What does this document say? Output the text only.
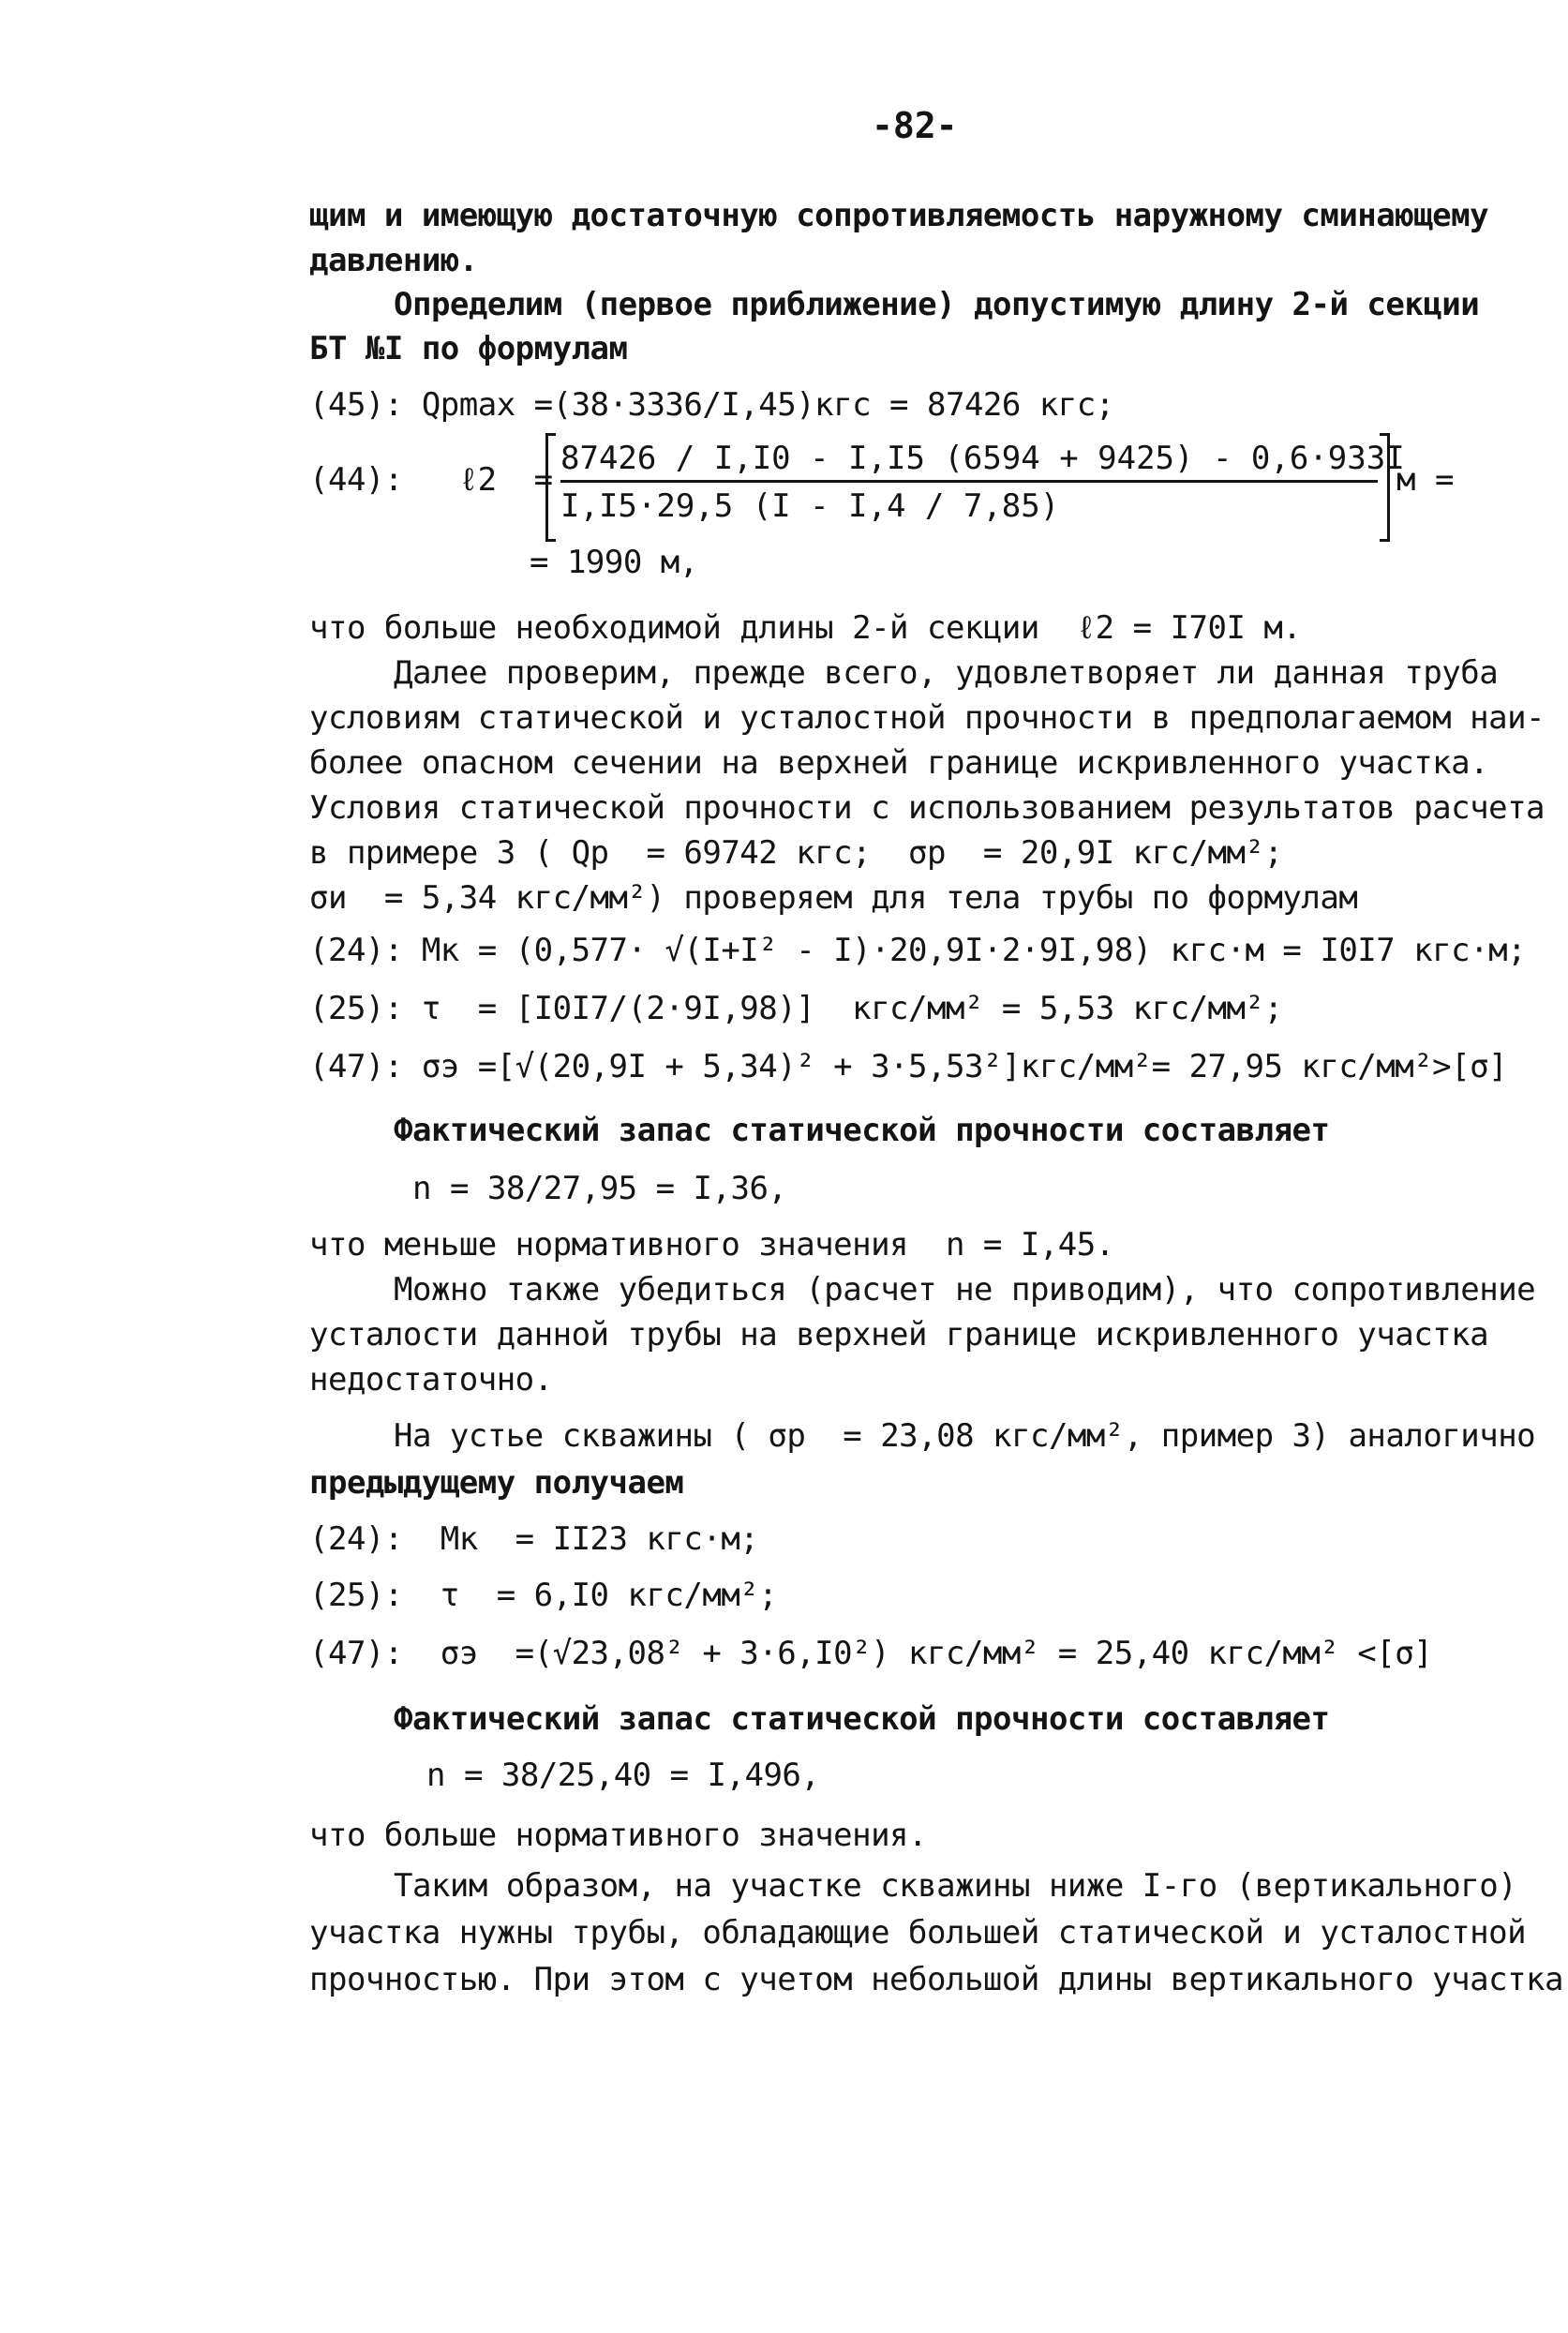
-82-
щим и имеющую достаточную сопротивляемость наружному сминающему
давлению.
Определим (первое приближение) допустимую длину 2-й секции
БТ №I по формулам
(45): Qpmax =(38·3336/I,45)кгс = 87426 кгс;
(44):   ℓ2  =
87426 / I,I0 - I,I5 (6594 + 9425) - 0,6·933I
I,I5·29,5 (I - I,4 / 7,85)
м =
= 1990 м,
что больше необходимой длины 2-й секции  ℓ2 = I70I м.
Далее проверим, прежде всего, удовлетворяет ли данная труба
условиям статической и усталостной прочности в предполагаемом наи-
более опасном сечении на верхней границе искривленного участка.
Условия статической прочности с использованием результатов расчета
в примере 3 ( Qp  = 69742 кгс;  σp  = 20,9I кгс/мм²;
σи  = 5,34 кгс/мм²) проверяем для тела трубы по формулам
(24): Mк = (0,577· √(I+I² - I)·20,9I·2·9I,98) кгс·м = I0I7 кгс·м;
(25): τ  = [I0I7/(2·9I,98)]  кгс/мм² = 5,53 кгс/мм²;
(47): σэ =[√(20,9I + 5,34)² + 3·5,53²]кгс/мм²= 27,95 кгс/мм²>[σ]
Фактический запас статической прочности составляет
n = 38/27,95 = I,36,
что меньше нормативного значения  n = I,45.
Можно также убедиться (расчет не приводим), что сопротивление
усталости данной трубы на верхней границе искривленного участка
недостаточно.
На устье скважины ( σp  = 23,08 кгс/мм², пример 3) аналогично
предыдущему получаем
(24):  Mк  = II23 кгс·м;
(25):  τ  = 6,I0 кгс/мм²;
(47):  σэ  =(√23,08² + 3·6,I0²) кгс/мм² = 25,40 кгс/мм² <[σ]
Фактический запас статической прочности составляет
n = 38/25,40 = I,496,
что больше нормативного значения.
Таким образом, на участке скважины ниже I-го (вертикального)
участка нужны трубы, обладающие большей статической и усталостной
прочностью. При этом с учетом небольшой длины вертикального участка
